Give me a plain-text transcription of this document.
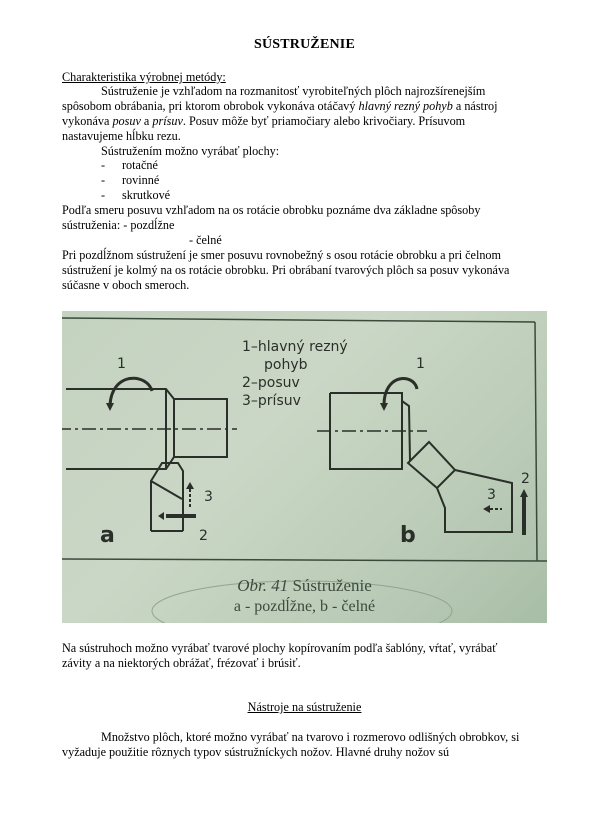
SÚSTRUŽENIE
Charakteristika výrobnej metódy:
Sústruženie je vzhľadom na rozmanitosť vyrobiteľných plôch najrozšírenejším
spôsobom obrábania, pri ktorom obrobok vykonáva otáčavý hlavný rezný pohyb a nástroj
vykonáva posuv a prísuv. Posuv môže byť priamočiary alebo krivočiary. Prísuvom
nastavujeme hĺbku rezu.
Sústružením možno vyrábať plochy:
- rotačné
- rovinné
- skrutkové
Podľa smeru posuvu vzhľadom na os rotácie obrobku poznáme dva základne spôsoby
sústruženia: - pozdĺžne
- čelné
Pri pozdĺžnom sústružení je smer posuvu rovnobežný s osou rotácie obrobku a pri čelnom
sústružení je kolmý na os rotácie obrobku. Pri obrábaní tvarových plôch sa posuv vykonáva
súčasne v oboch smeroch.
1–hlavný rezný
pohyb
2–posuv
3–prísuv
1	1
2
3
2
3
a	b
Obr. 41 Sústruženie
a - pozdĺžne, b - čelné
Na sústruhoch možno vyrábať tvarové plochy kopírovaním podľa šablóny, vŕtať, vyrábať
závity a na niektorých obrážať, frézovať i brúsiť.
Nástroje na sústruženie
Množstvo plôch, ktoré možno vyrábať na tvarovo i rozmerovo odlišných obrobkov, si
vyžaduje použitie rôznych typov sústružníckych nožov. Hlavné druhy nožov sú
